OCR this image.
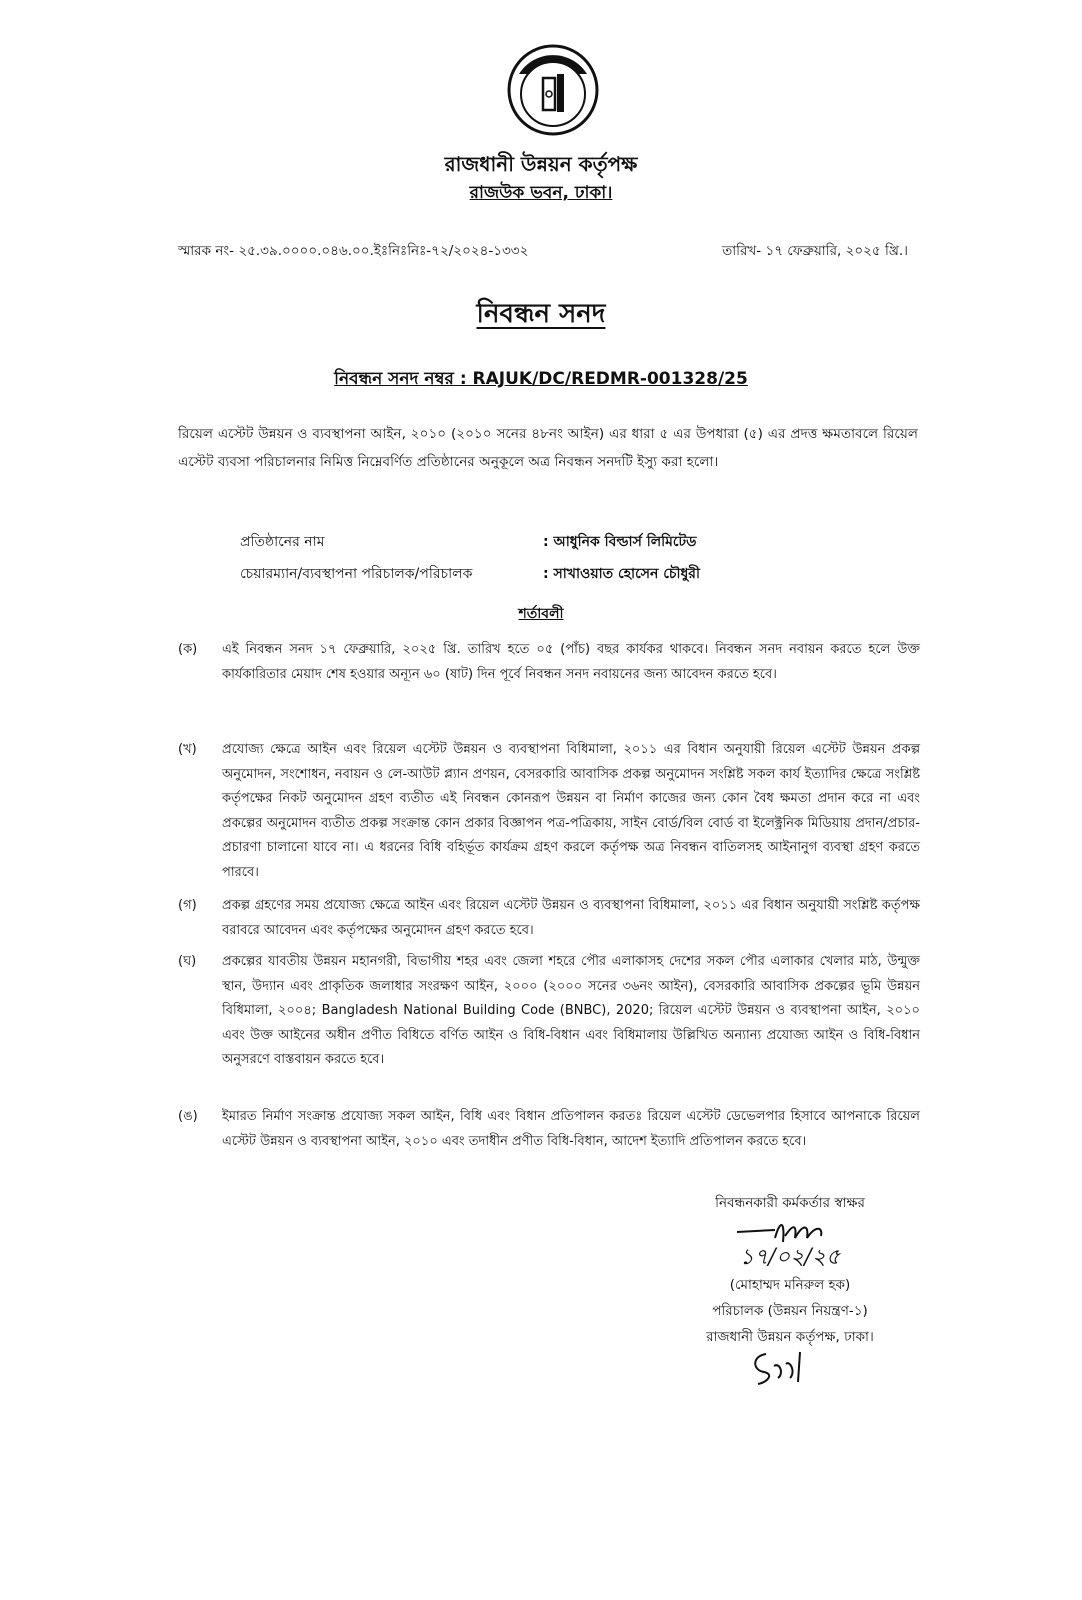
রাজধানী উন্নয়ন কর্তৃপক্ষ
রাজউক ভবন, ঢাকা।
স্মারক নং- ২৫.৩৯.০০০০.০৪৬.০০.ইঃনিঃনিঃ-৭২/২০২৪-১৩৩২	তারিখ- ১৭ ফেব্রুয়ারি, ২০২৫ খ্রি.।
নিবন্ধন সনদ
নিবন্ধন সনদ নম্বর : RAJUK/DC/REDMR-001328/25
রিয়েল এস্টেট উন্নয়ন ও ব্যবস্থাপনা আইন, ২০১০ (২০১০ সনের ৪৮নং আইন) এর ধারা ৫ এর উপধারা (৫) এর প্রদত্ত ক্ষমতাবলে রিয়েল এস্টেট ব্যবসা পরিচালনার নিমিত্ত নিম্নেবর্ণিত প্রতিষ্ঠানের অনুকূলে অত্র নিবন্ধন সনদটি ইস্যু করা হলো।
প্রতিষ্ঠানের নাম	: আধুনিক বিল্ডার্স লিমিটেড
চেয়ারম্যান/ব্যবস্থাপনা পরিচালক/পরিচালক	: সাখাওয়াত হোসেন চৌধুরী
শর্তাবলী
(ক)	এই নিবন্ধন সনদ ১৭ ফেব্রুয়ারি, ২০২৫ খ্রি. তারিখ হতে ০৫ (পাঁচ) বছর কার্যকর থাকবে। নিবন্ধন সনদ নবায়ন করতে হলে উক্ত কার্যকারিতার মেয়াদ শেষ হওয়ার অন্যূন ৬০ (ষাট) দিন পূর্বে নিবন্ধন সনদ নবায়নের জন্য আবেদন করতে হবে।
(খ)	প্রযোজ্য ক্ষেত্রে আইন এবং রিয়েল এস্টেট উন্নয়ন ও ব্যবস্থাপনা বিধিমালা, ২০১১ এর বিধান অনুযায়ী রিয়েল এস্টেট উন্নয়ন প্রকল্প অনুমোদন, সংশোধন, নবায়ন ও লে-আউট প্ল্যান প্রণয়ন, বেসরকারি আবাসিক প্রকল্প অনুমোদন সংশ্লিষ্ট সকল কার্য ইত্যাদির ক্ষেত্রে সংশ্লিষ্ট কর্তৃপক্ষের নিকট অনুমোদন গ্রহণ ব্যতীত এই নিবন্ধন কোনরূপ উন্নয়ন বা নির্মাণ কাজের জন্য কোন বৈধ ক্ষমতা প্রদান করে না এবং প্রকল্পের অনুমোদন ব্যতীত প্রকল্প সংক্রান্ত কোন প্রকার বিজ্ঞাপন পত্র-পত্রিকায়, সাইন বোর্ড/বিল বোর্ড বা ইলেক্ট্রনিক মিডিয়ায় প্রদান/প্রচার-প্রচারণা চালানো যাবে না। এ ধরনের বিধি বহির্ভূত কার্যক্রম গ্রহণ করলে কর্তৃপক্ষ অত্র নিবন্ধন বাতিলসহ আইনানুগ ব্যবস্থা গ্রহণ করতে পারবে।
(গ)	প্রকল্প গ্রহণের সময় প্রযোজ্য ক্ষেত্রে আইন এবং রিয়েল এস্টেট উন্নয়ন ও ব্যবস্থাপনা বিধিমালা, ২০১১ এর বিধান অনুযায়ী সংশ্লিষ্ট কর্তৃপক্ষ বরাবরে আবেদন এবং কর্তৃপক্ষের অনুমোদন গ্রহণ করতে হবে।
(ঘ)	প্রকল্পের যাবতীয় উন্নয়ন মহানগরী, বিভাগীয় শহর এবং জেলা শহরে পৌর এলাকাসহ দেশের সকল পৌর এলাকার খেলার মাঠ, উন্মুক্ত স্থান, উদ্যান এবং প্রাকৃতিক জলাধার সংরক্ষণ আইন, ২০০০ (২০০০ সনের ৩৬নং আইন), বেসরকারি আবাসিক প্রকল্পের ভূমি উন্নয়ন বিধিমালা, ২০০৪; Bangladesh National Building Code (BNBC), 2020; রিয়েল এস্টেট উন্নয়ন ও ব্যবস্থাপনা আইন, ২০১০ এবং উক্ত আইনের অধীন প্রণীত বিধিতে বর্ণিত আইন ও বিধি-বিধান এবং বিধিমালায় উল্লিখিত অন্যান্য প্রযোজ্য আইন ও বিধি-বিধান অনুসরণে বাস্তবায়ন করতে হবে।
(ঙ)	ইমারত নির্মাণ সংক্রান্ত প্রযোজ্য সকল আইন, বিধি এবং বিধান প্রতিপালন করতঃ রিয়েল এস্টেট ডেভেলপার হিসাবে আপনাকে রিয়েল এস্টেট উন্নয়ন ও ব্যবস্থাপনা আইন, ২০১০ এবং তদাধীন প্রণীত বিধি-বিধান, আদেশ ইত্যাদি প্রতিপালন করতে হবে।
নিবন্ধনকারী কর্মকর্তার স্বাক্ষর
১৭/০২/২৫
(মোহাম্মদ মনিরুল হক)
পরিচালক (উন্নয়ন নিয়ন্ত্রণ-১)
রাজধানী উন্নয়ন কর্তৃপক্ষ, ঢাকা।
